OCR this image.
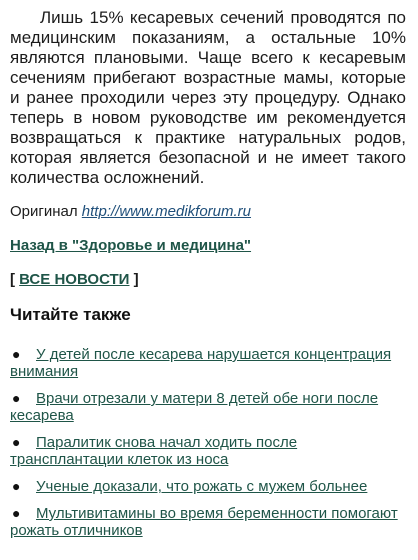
Лишь 15% кесаревых сечений проводятся по медицинским показаниям, а остальные 10% являются плановыми. Чаще всего к кесаревым сечениям прибегают возрастные мамы, которые и ранее проходили через эту процедуру. Однако теперь в новом руководстве им рекомендуется возвращаться к практике натуральных родов, которая является безопасной и не имеет такого количества осложнений.

Оригинал http://www.medikforum.ru
Назад в "Здоровье и медицина"
[ ВСЕ НОВОСТИ ]
Читайте также
● У детей после кесарева нарушается концентрация внимания
● Врачи отрезали у матери 8 детей обе ноги после кесарева
● Паралитик снова начал ходить после трансплантации клеток из носа
● Ученые доказали, что рожать с мужем больнее
● Мультивитамины во время беременности помогают рожать отличников
